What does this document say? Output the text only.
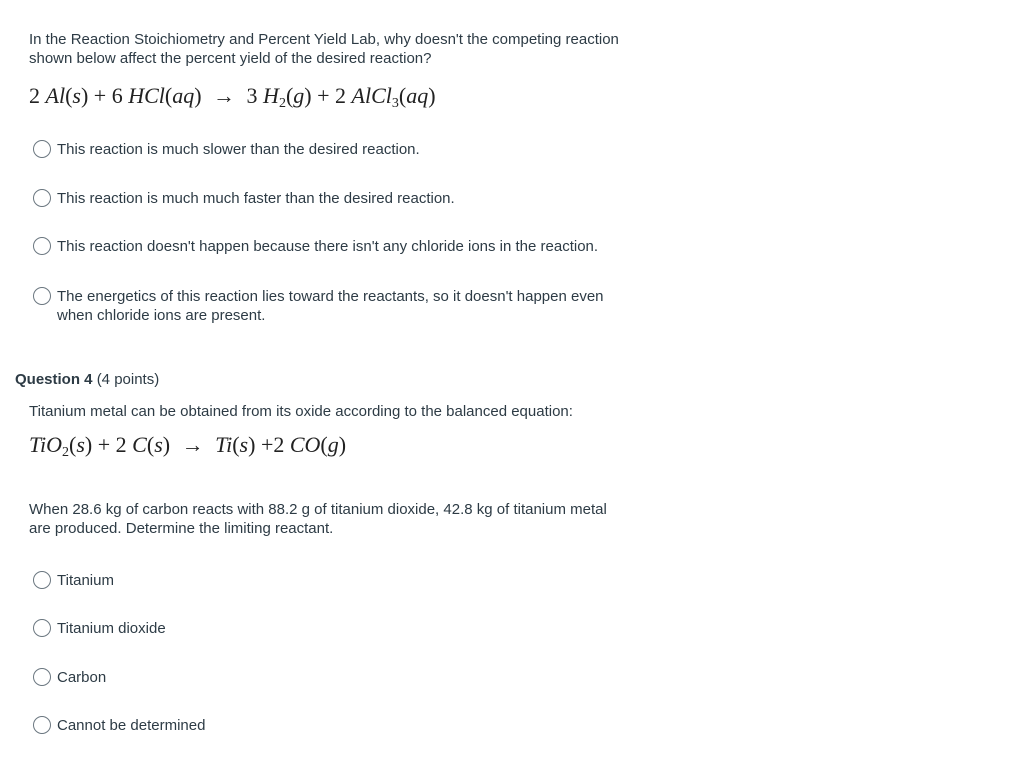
In the Reaction Stoichiometry and Percent Yield Lab, why doesn't the competing reaction shown below affect the percent yield of the desired reaction?
2 Al(s) + 6 HCl(aq) → 3 $H_2(g) + 2$ AlCl$_3$(aq)
This reaction is much slower than the desired reaction.
This reaction is much much faster than the desired reaction.
This reaction doesn't happen because there isn't any chloride ions in the reaction.
The energetics of this reaction lies toward the reactants, so it doesn't happen even when chloride ions are present.
Question 4 (4 points)
Titanium metal can be obtained from its oxide according to the balanced equation:
TiO$_2$(s) + 2 C(s) → Ti(s) +2 CO(g)
When 28.6 kg of carbon reacts with 88.2 g of titanium dioxide, 42.8 kg of titanium metal are produced. Determine the limiting reactant.
Titanium
Titanium dioxide
Carbon
Cannot be determined
